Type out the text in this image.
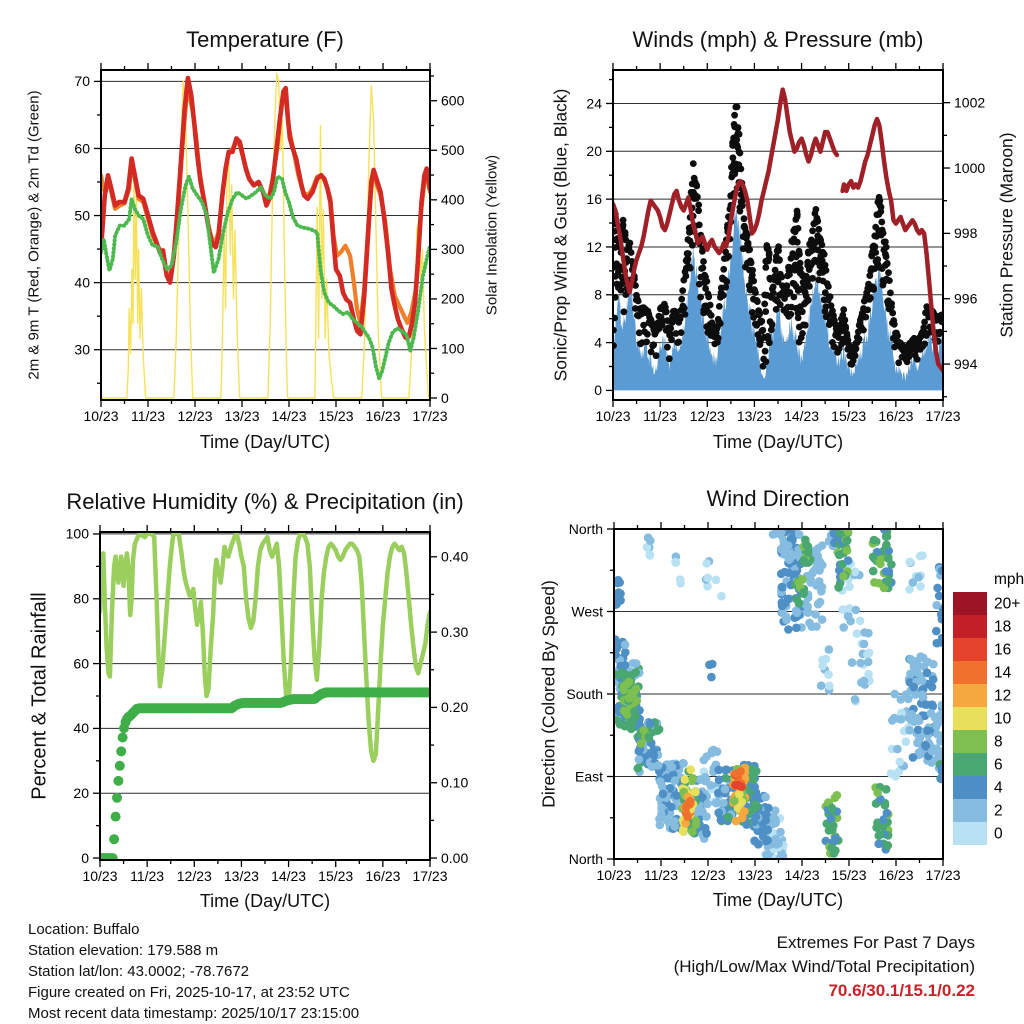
30
40
50
60
70
0
100
200
300
400
500
600
10/23 11/23 12/23 13/23 14/23 15/23 16/23 17/23
0
4
8
12
16
20
24
994
996
998
1000
1002
10/23 11/23 12/23 13/23 14/23 15/23 16/23 17/23
0
20
40
60
80
100
0.00
0.10
0.20
0.30
0.40
10/23 11/23 12/23 13/23 14/23 15/23 16/23 17/23
North
East
South
West
North
10/23 11/23 12/23 13/23 14/23 15/23 16/23 17/23
20+
18
16
14
12
10
8
6
4
2
0
mph
Temperature (F)	Winds (mph) & Pressure (mb)
Relative Humidity (%) & Precipitation (in)	Wind Direction
Time (Day/UTC)	Time (Day/UTC)
Time (Day/UTC)	Time (Day/UTC)
2m & 9m T (Red, Orange) & 2m Td (Green)	Solar Insolation (Yellow)	Sonic/Prop Wind & Gust (Blue, Black)	Station Pressure (Maroon)
Percent & Total Rainfall	Direction (Colored By Speed)
Location: Buffalo
Station elevation: 179.588 m
Station lat/lon: 43.0002; -78.7672
Figure created on Fri, 2025-10-17, at 23:52 UTC
Most recent data timestamp: 2025/10/17 23:15:00
Extremes For Past 7 Days
(High/Low/Max Wind/Total Precipitation)
70.6/30.1/15.1/0.22
